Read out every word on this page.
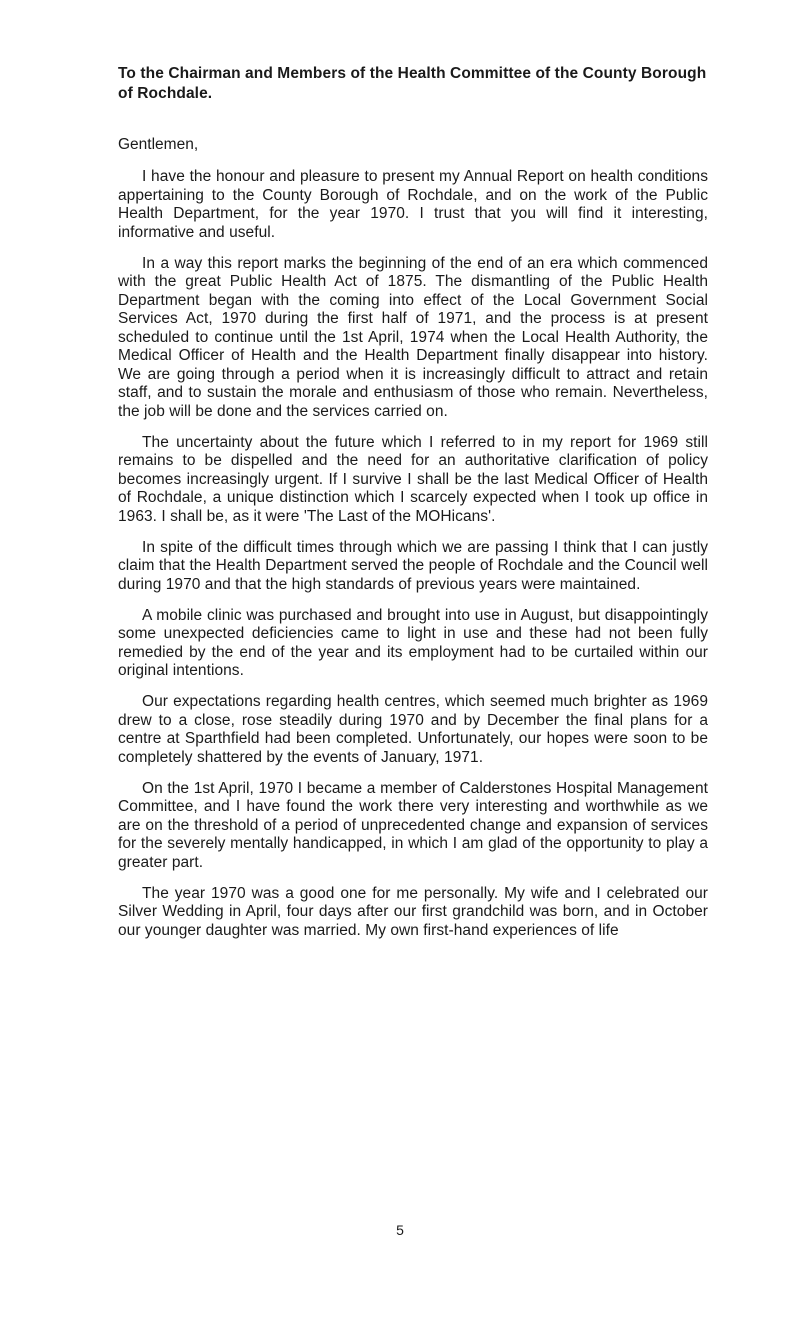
To the Chairman and Members of the Health Committee of the County Borough of Rochdale.

Gentlemen,

I have the honour and pleasure to present my Annual Report on health conditions appertaining to the County Borough of Rochdale, and on the work of the Public Health Department, for the year 1970. I trust that you will find it interesting, informative and useful.

In a way this report marks the beginning of the end of an era which commenced with the great Public Health Act of 1875. The dismantling of the Public Health Department began with the coming into effect of the Local Government Social Services Act, 1970 during the first half of 1971, and the process is at present scheduled to continue until the 1st April, 1974 when the Local Health Authority, the Medical Officer of Health and the Health Department finally disappear into history. We are going through a period when it is increasingly difficult to attract and retain staff, and to sustain the morale and enthusiasm of those who remain. Nevertheless, the job will be done and the services carried on.

The uncertainty about the future which I referred to in my report for 1969 still remains to be dispelled and the need for an authoritative clarification of policy becomes increasingly urgent. If I survive I shall be the last Medical Officer of Health of Rochdale, a unique distinction which I scarcely expected when I took up office in 1963. I shall be, as it were 'The Last of the MOHicans'.

In spite of the difficult times through which we are passing I think that I can justly claim that the Health Department served the people of Rochdale and the Council well during 1970 and that the high standards of previous years were maintained.

A mobile clinic was purchased and brought into use in August, but disappointingly some unexpected deficiencies came to light in use and these had not been fully remedied by the end of the year and its employment had to be curtailed within our original intentions.

Our expectations regarding health centres, which seemed much brighter as 1969 drew to a close, rose steadily during 1970 and by December the final plans for a centre at Sparthfield had been completed. Unfortunately, our hopes were soon to be completely shattered by the events of January, 1971.

On the 1st April, 1970 I became a member of Calderstones Hospital Management Committee, and I have found the work there very interesting and worthwhile as we are on the threshold of a period of unprecedented change and expansion of services for the severely mentally handicapped, in which I am glad of the opportunity to play a greater part.

The year 1970 was a good one for me personally. My wife and I celebrated our Silver Wedding in April, four days after our first grandchild was born, and in October our younger daughter was married. My own first-hand experiences of life

5
